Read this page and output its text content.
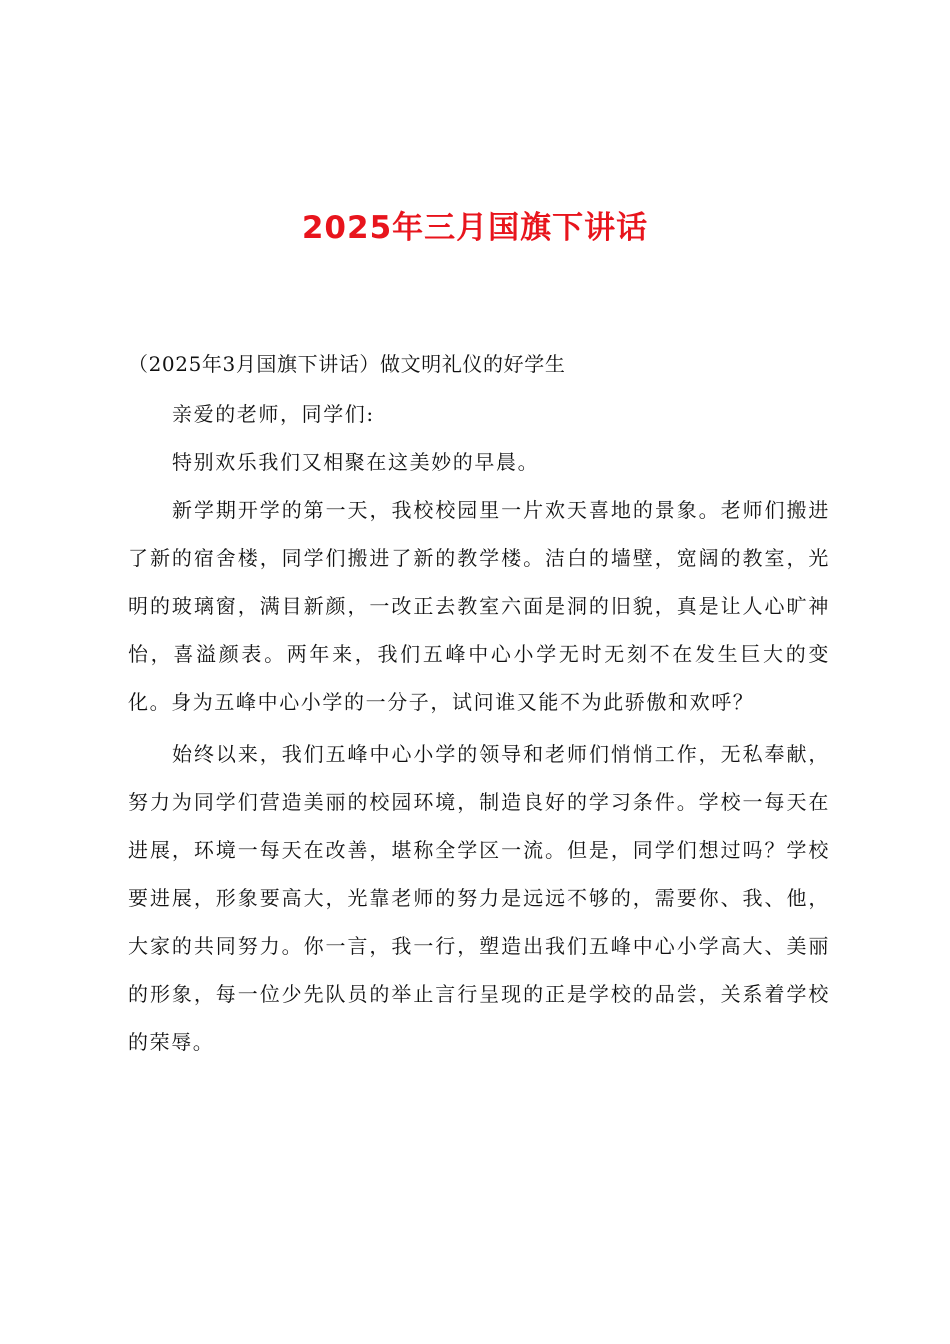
2025年三月国旗下讲话

（2025年3月国旗下讲话）做文明礼仪的好学生

亲爱的老师，同学们:

特别欢乐我们又相聚在这美妙的早晨。

新学期开学的第一天，我校校园里一片欢天喜地的景象。老师们搬进了新的宿舍楼，同学们搬进了新的教学楼。洁白的墙壁，宽阔的教室，光明的玻璃窗，满目新颜，一改正去教室六面是洞的旧貌，真是让人心旷神怡，喜溢颜表。两年来，我们五峰中心小学无时无刻不在发生巨大的变化。身为五峰中心小学的一分子，试问谁又能不为此骄傲和欢呼？

始终以来，我们五峰中心小学的领导和老师们悄悄工作，无私奉献，努力为同学们营造美丽的校园环境，制造良好的学习条件。学校一每天在进展，环境一每天在改善，堪称全学区一流。但是，同学们想过吗？学校要进展，形象要高大，光靠老师的努力是远远不够的，需要你、我、他，大家的共同努力。你一言，我一行，塑造出我们五峰中心小学高大、美丽的形象，每一位少先队员的举止言行呈现的正是学校的品尝，关系着学校的荣辱。
